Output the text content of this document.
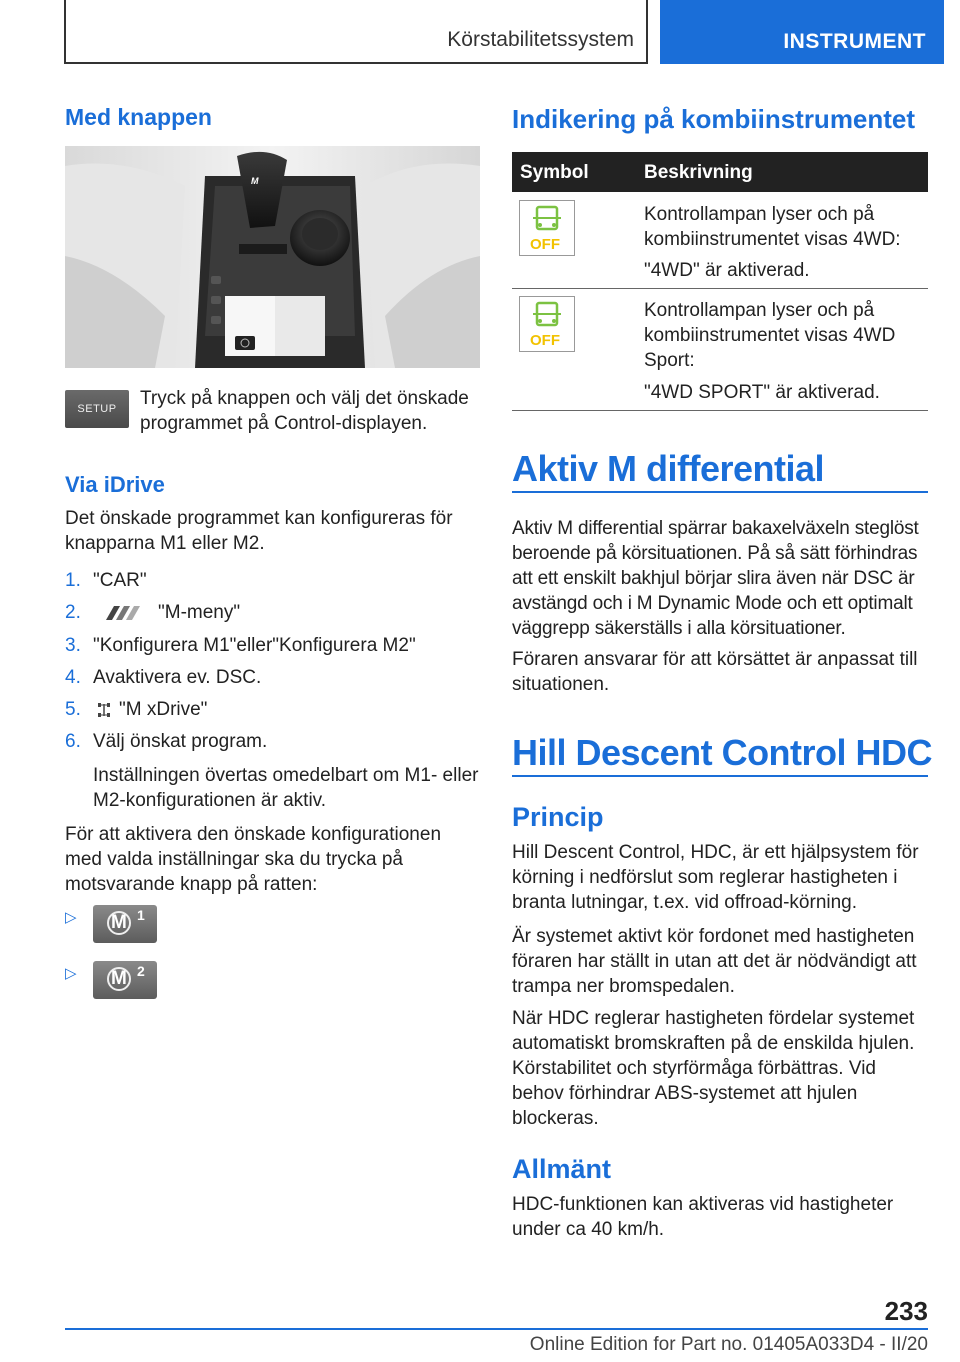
Körstabilitetssystem	INSTRUMENT
Med knappen
M
SETUP	Tryck på knappen och välj det önskade programmet på Control-displayen.

Via iDrive

Det önskade programmet kan konfigureras för knapparna M1 eller M2.

1. "CAR"
2.	"M-meny"
3. "Konfigurera M1"eller"Konfigurera M2"
4. Avaktivera ev. DSC.
5. "M xDrive"
6. Välj önskat program.

Inställningen övertas omedelbart om M1- eller M2-konfigurationen är aktiv.

För att aktivera den önskade konfigurationen med valda inställningar ska du trycka på motsvarande knapp på ratten:

▷ M 1
▷ M 2
Indikering på kombiinstrumentet
Symbol	Beskrivning
OFF

Kontrollampan lyser och på kombiinstrumentet visas 4WD:

"4WD" är aktiverad.

OFF

Kontrollampan lyser och på kombiinstrumentet visas 4WD Sport:

"4WD SPORT" är aktiverad.

Aktiv M differential

Aktiv M differential spärrar bakaxelväxeln steglöst beroende på körsituationen. På så sätt förhindras att ett enskilt bakhjul börjar slira även när DSC är avstängd och i M Dynamic Mode och ett optimalt väggrepp säkerställs i alla körsituationer.

Föraren ansvarar för att körsättet är anpassat till situationen.

Hill Descent Control HDC
Princip

Hill Descent Control, HDC, är ett hjälpsystem för körning i nedförslut som reglerar hastigheten i branta lutningar, t.ex. vid offroad-körning.

Är systemet aktivt kör fordonet med hastigheten föraren har ställt in utan att det är nödvändigt att trampa ner bromspedalen.

När HDC reglerar hastigheten fördelar systemet automatiskt bromskraften på de enskilda hjulen. Körstabilitet och styrförmåga förbättras. Vid behov förhindrar ABS-systemet att hjulen blockeras.

Allmänt

HDC-funktionen kan aktiveras vid hastigheter under ca 40 km/h.

233
Online Edition for Part no. 01405A033D4 - II/20
